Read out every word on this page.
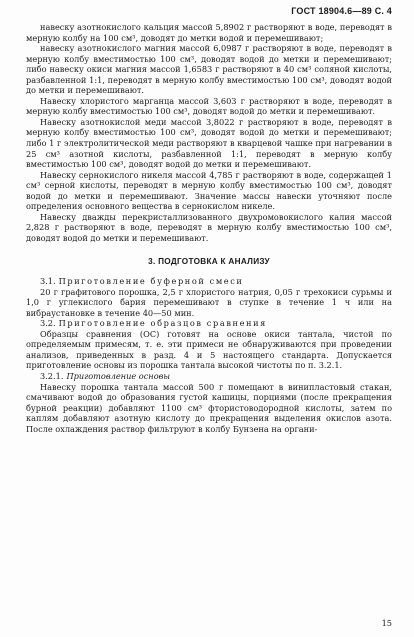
ГОСТ 18904.6—89 С. 4

навеску азотнокислого кальция массой 5,8902 г растворяют в воде, переводят в мерную колбу на 100 см³, доводят до метки водой и перемешивают;

навеску азотнокислого магния массой 6,0987 г растворяют в воде, переводят в мерную колбу вместимостью 100 см³, доводят водой до метки и перемешивают; либо навеску окиси магния массой 1,6583 г растворяют в 40 см³ соляной кислоты, разбавленной 1:1, переводят в мерную колбу вместимостью 100 см³, доводят водой до метки и перемешивают.

Навеску хлористого марганца массой 3,603 г растворяют в воде, переводят в мерную колбу вместимостью 100 см³, доводят водой до метки и перемешивают.

Навеску азотнокислой меди массой 3,8022 г растворяют в воде, переводят в мерную колбу вместимостью 100 см³, доводят водой до метки и перемешивают; либо 1 г электролитической меди растворяют в кварцевой чашке при нагревании в 25 см³ азотной кислоты, разбавленной 1:1, переводят в мерную колбу вместимостью 100 см³, доводят водой до метки и перемешивают.

Навеску сернокислого никеля массой 4,785 г растворяют в воде, содержащей 1 см³ серной кислоты, переводят в мерную колбу вместимостью 100 см³, доводят водой до метки и перемешивают. Значение массы навески уточняют после определения основного вещества в сернокислом никеле.

Навеску дважды перекристаллизованного двухромовокислого калия массой 2,828 г растворяют в воде, переводят в мерную колбу вместимостью 100 см³, доводят водой до метки и перемешивают.

3. ПОДГОТОВКА К АНАЛИЗУ

3.1. Приготовление буферной смеси

20 г графитового порошка, 2,5 г хлористого натрия, 0,05 г трехокиси сурьмы и 1,0 г углекислого бария перемешивают в ступке в течение 1 ч или на вибраустановке в течение 40—50 мин.

3.2. Приготовление образцов сравнения

Образцы сравнения (ОС) готовят на основе окиси тантала, чистой по определяемым примесям, т. е. эти примеси не обнаруживаются при проведении анализов, приведенных в разд. 4 и 5 настоящего стандарта. Допускается приготовление основы из порошка тантала высокой чистоты по п. 3.2.1.

3.2.1. Приготовление основы

Навеску порошка тантала массой 500 г помещают в винипластовый стакан, смачивают водой до образования густой кашицы, порциями (после прекращения бурной реакции) добавляют 1100 см³ фтористоводородной кислоты, затем по каплям добавляют азотную кислоту до прекращения выделения окислов азота. После охлаждения раствор фильтруют в колбу Бунзена на органи-

15
